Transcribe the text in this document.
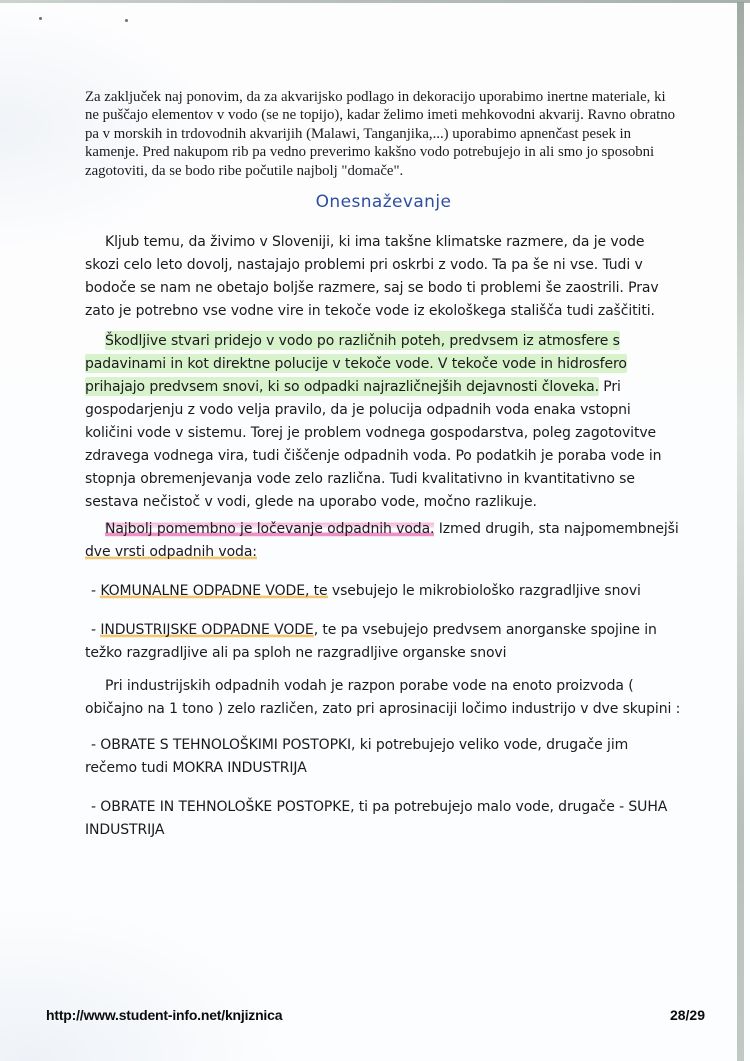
Za zaključek naj ponovim, da za akvarijsko podlago in dekoracijo uporabimo inertne materiale, ki ne puščajo elementov v vodo (se ne topijo), kadar želimo imeti mehkovodni akvarij. Ravno obratno pa v morskih in trdovodnih akvarijih (Malawi, Tanganjika,...) uporabimo apnenčast pesek in kamenje. Pred nakupom rib pa vedno preverimo kakšno vodo potrebujejo in ali smo jo sposobni zagotoviti, da se bodo ribe počutile najbolj "domače".

Onesnaževanje

Kljub temu, da živimo v Sloveniji, ki ima takšne klimatske razmere, da je vode skozi celo leto dovolj, nastajajo problemi pri oskrbi z vodo. Ta pa še ni vse. Tudi v bodoče se nam ne obetajo boljše razmere, saj se bodo ti problemi še zaostrili. Prav zato je potrebno vse vodne vire in tekoče vode iz ekološkega stališča tudi zaščititi.

Škodljive stvari pridejo v vodo po različnih poteh, predvsem iz atmosfere s padavinami in kot direktne polucije v tekoče vode. V tekoče vode in hidrosfero prihajajo predvsem snovi, ki so odpadki najrazličnejših dejavnosti človeka. Pri gospodarjenju z vodo velja pravilo, da je polucija odpadnih voda enaka vstopni količini vode v sistemu. Torej je problem vodnega gospodarstva, poleg zagotovitve zdravega vodnega vira, tudi čiščenje odpadnih voda. Po podatkih je poraba vode in stopnja obremenjevanja vode zelo različna. Tudi kvalitativno in kvantitativno se sestava nečistoč v vodi, glede na uporabo vode, močno razlikuje.

Najbolj pomembno je ločevanje odpadnih voda. Izmed drugih, sta najpomembnejši dve vrsti odpadnih voda:

- KOMUNALNE ODPADNE VODE, te vsebujejo le mikrobiološko razgradljive snovi

- INDUSTRIJSKE ODPADNE VODE, te pa vsebujejo predvsem anorganske spojine in težko razgradljive ali pa sploh ne razgradljive organske snovi

Pri industrijskih odpadnih vodah je razpon porabe vode na enoto proizvoda ( običajno na 1 tono ) zelo različen, zato pri aprosinaciji ločimo industrijo v dve skupini :

- OBRATE S TEHNOLOŠKIMI POSTOPKI, ki potrebujejo veliko vode, drugače jim rečemo tudi MOKRA INDUSTRIJA

- OBRATE IN TEHNOLOŠKE POSTOPKE, ti pa potrebujejo malo vode, drugače - SUHA INDUSTRIJA

http://www.student-info.net/knjiznica	28/29
